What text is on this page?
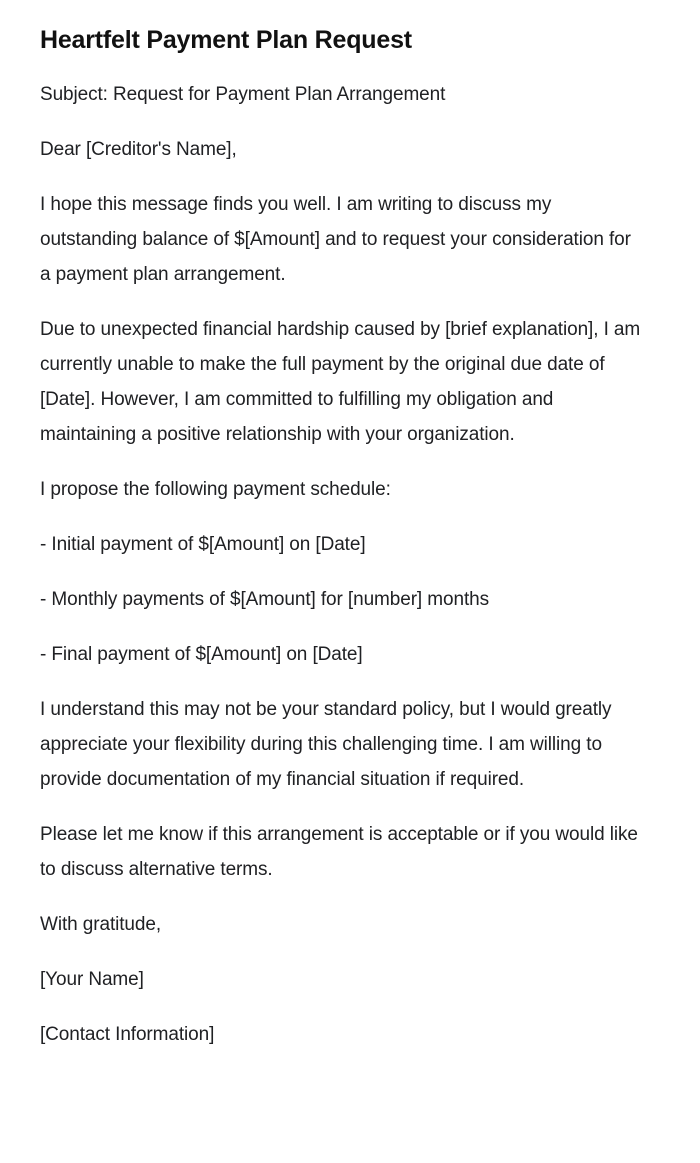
Heartfelt Payment Plan Request

Subject: Request for Payment Plan Arrangement

Dear [Creditor's Name],

I hope this message finds you well. I am writing to discuss my outstanding balance of $[Amount] and to request your consideration for a payment plan arrangement.

Due to unexpected financial hardship caused by [brief explanation], I am currently unable to make the full payment by the original due date of [Date]. However, I am committed to fulfilling my obligation and maintaining a positive relationship with your organization.

I propose the following payment schedule:

- Initial payment of $[Amount] on [Date]

- Monthly payments of $[Amount] for [number] months

- Final payment of $[Amount] on [Date]

I understand this may not be your standard policy, but I would greatly appreciate your flexibility during this challenging time. I am willing to provide documentation of my financial situation if required.

Please let me know if this arrangement is acceptable or if you would like to discuss alternative terms.

With gratitude,

[Your Name]

[Contact Information]
